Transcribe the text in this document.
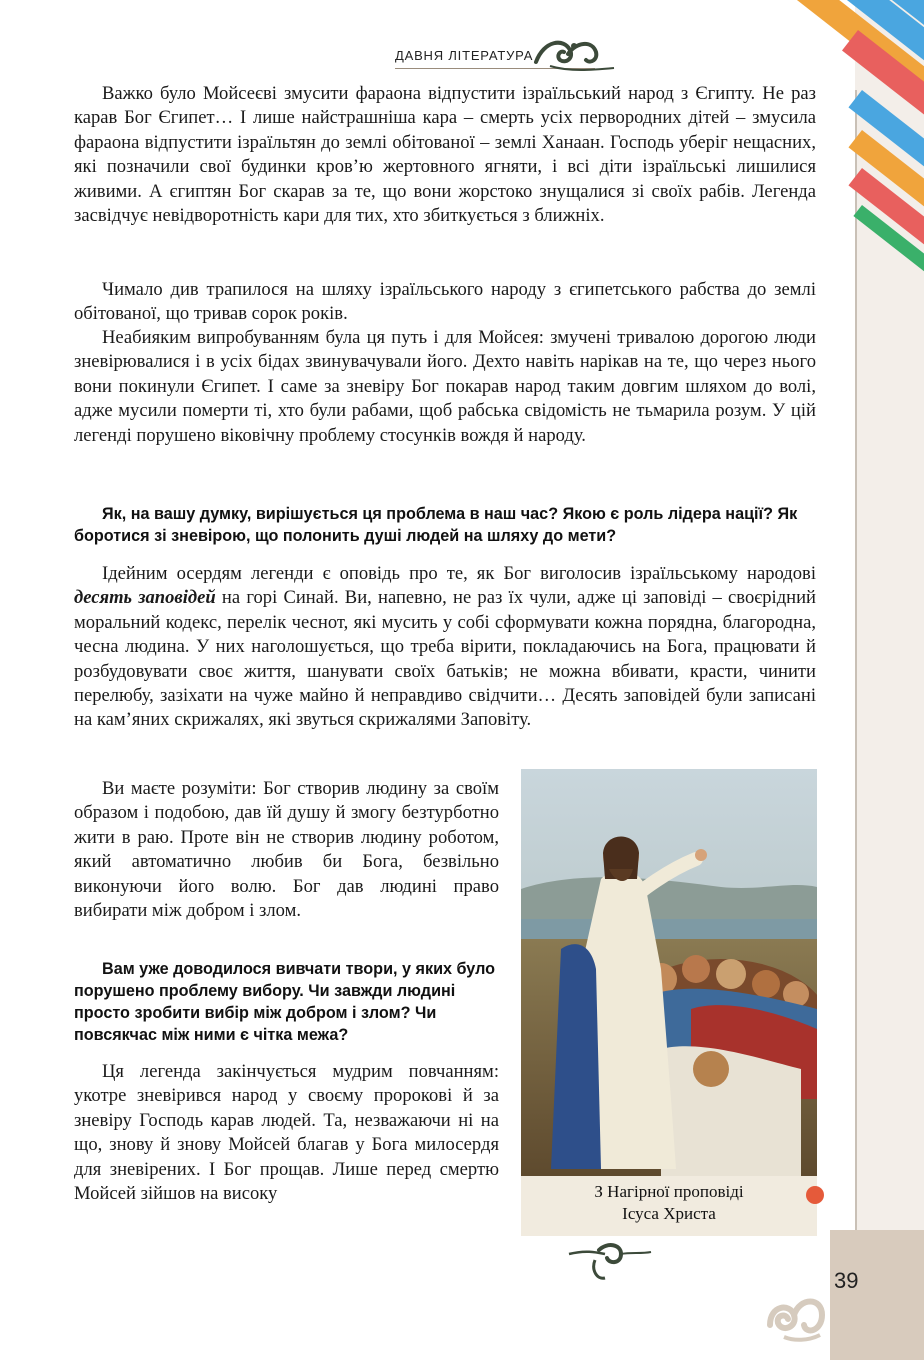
ДАВНЯ ЛІТЕРАТУРА

Важко було Мойсеєві змусити фараона відпустити ізраїльський народ з Єгипту. Не раз карав Бог Єгипет… І лише найстрашніша кара – смерть усіх первородних дітей – змусила фараона відпустити ізраїльтян до землі обітованої – землі Ханаан. Господь уберіг нещасних, які позначили свої будинки кров’ю жертовного ягняти, і всі діти ізраїльські лишилися живими. А єгиптян Бог скарав за те, що вони жорстоко знущалися зі своїх рабів. Легенда засвідчує невідворотність кари для тих, хто збиткується з ближніх.

Чимало див трапилося на шляху ізраїльського народу з єгипетського рабства до землі обітованої, що тривав сорок років.

Неабияким випробуванням була ця путь і для Мойсея: змучені тривалою дорогою люди зневірювалися і в усіх бідах звинувачували його. Дехто навіть нарікав на те, що через нього вони покинули Єгипет. І саме за зневіру Бог покарав народ таким довгим шляхом до волі, адже мусили померти ті, хто були рабами, щоб рабська свідомість не тьмарила розум. У цій легенді порушено віковічну проблему стосунків вождя й народу.

Як, на вашу думку, вирішується ця проблема в наш час? Якою є роль лідера нації? Як боротися зі зневірою, що полонить душі людей на шляху до мети?

Ідейним осердям легенди є оповідь про те, як Бог виголосив ізраїльському народові десять заповідей на горі Синай. Ви, напевно, не раз їх чули, адже ці заповіді – своєрідний моральний кодекс, перелік чеснот, які мусить у собі сформувати кожна порядна, благородна, чесна людина. У них наголошується, що треба вірити, покладаючись на Бога, працювати й розбудовувати своє життя, шанувати своїх батьків; не можна вбивати, красти, чинити перелюбу, зазіхати на чуже майно й неправдиво свідчити… Десять заповідей були записані на кам’яних скрижалях, які звуться скрижалями Заповіту.

Ви маєте розуміти: Бог створив людину за своїм образом і подобою, дав їй душу й змогу безтурботно жити в раю. Проте він не створив людину роботом, який автоматично любив би Бога, безвільно виконуючи його волю. Бог дав людині право вибирати між добром і злом.

Вам уже доводилося вивчати твори, у яких було порушено проблему вибору. Чи завжди людині просто зробити вибір між добром і злом? Чи повсякчас між ними є чітка межа?

Ця легенда закінчується мудрим повчанням: укотре зневірився народ у своєму пророкові й за зневіру Господь карав людей. Та, незважаючи ні на що, знову й знову Мойсей благав у Бога милосердя для зневірених. І Бог прощав. Лише перед смертю Мойсей зійшов на високу	З Нагірної проповіді
Ісуса Христа
39
